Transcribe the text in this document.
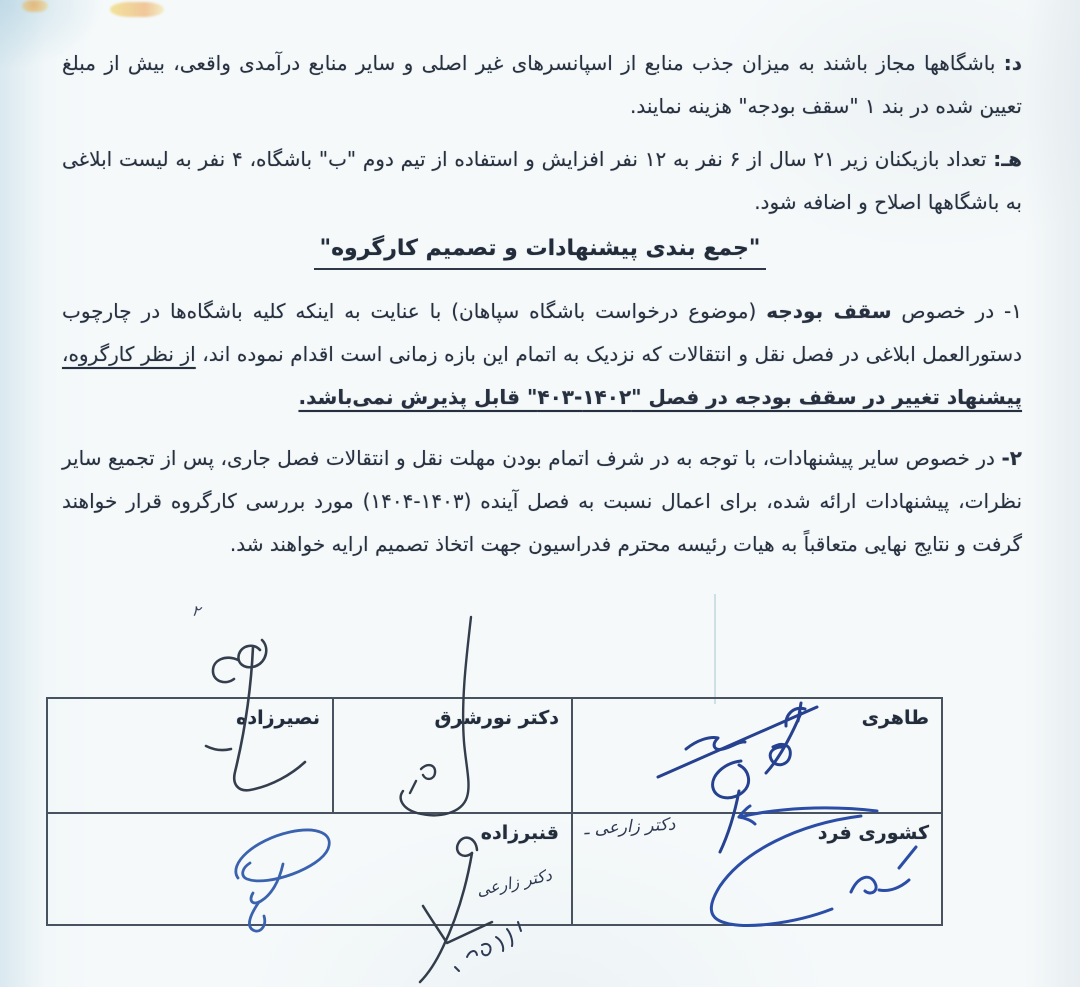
د: باشگاهها مجاز باشند به میزان جذب منابع از اسپانسرهای غیر اصلی و سایر منابع درآمدی واقعی، بیش از مبلغ تعیین شده در بند ۱ "سقف بودجه" هزینه نمایند.
هـ: تعداد بازیکنان زیر ۲۱ سال از ۶ نفر به ۱۲ نفر افزایش و استفاده از تیم دوم "ب" باشگاه، ۴ نفر به لیست ابلاغی به باشگاهها اصلاح و اضافه شود.
"جمع بندی پیشنهادات و تصمیم کارگروه"
۱- در خصوص سقف بودجه (موضوع درخواست باشگاه سپاهان) با عنایت به اینکه کلیه باشگاه‌ها در چارچوب دستورالعمل ابلاغی در فصل نقل و انتقالات که نزدیک به اتمام این بازه زمانی است اقدام نموده اند، از نظر کارگروه، پیشنهاد تغییر در سقف بودجه در فصل "۱۴۰۲-۴۰۳" قابل پذیرش نمی‌باشد.
۲- در خصوص سایر پیشنهادات، با توجه به در شرف اتمام بودن مهلت نقل و انتقالات فصل جاری، پس از تجمیع سایر نظرات، پیشنهادات ارائه شده، برای اعمال نسبت به فصل آینده (۱۴۰۳-۱۴۰۴) مورد بررسی کارگروه قرار خواهند گرفت و نتایج نهایی متعاقباً به هیات رئیسه محترم فدراسیون جهت اتخاذ تصمیم ارایه خواهند شد.
طاهری
دکتر نورشرق
نصیرزاده
کشوری فرد
قنبرزاده دکتر زارعی ـ
دکتر زارعی
۲
